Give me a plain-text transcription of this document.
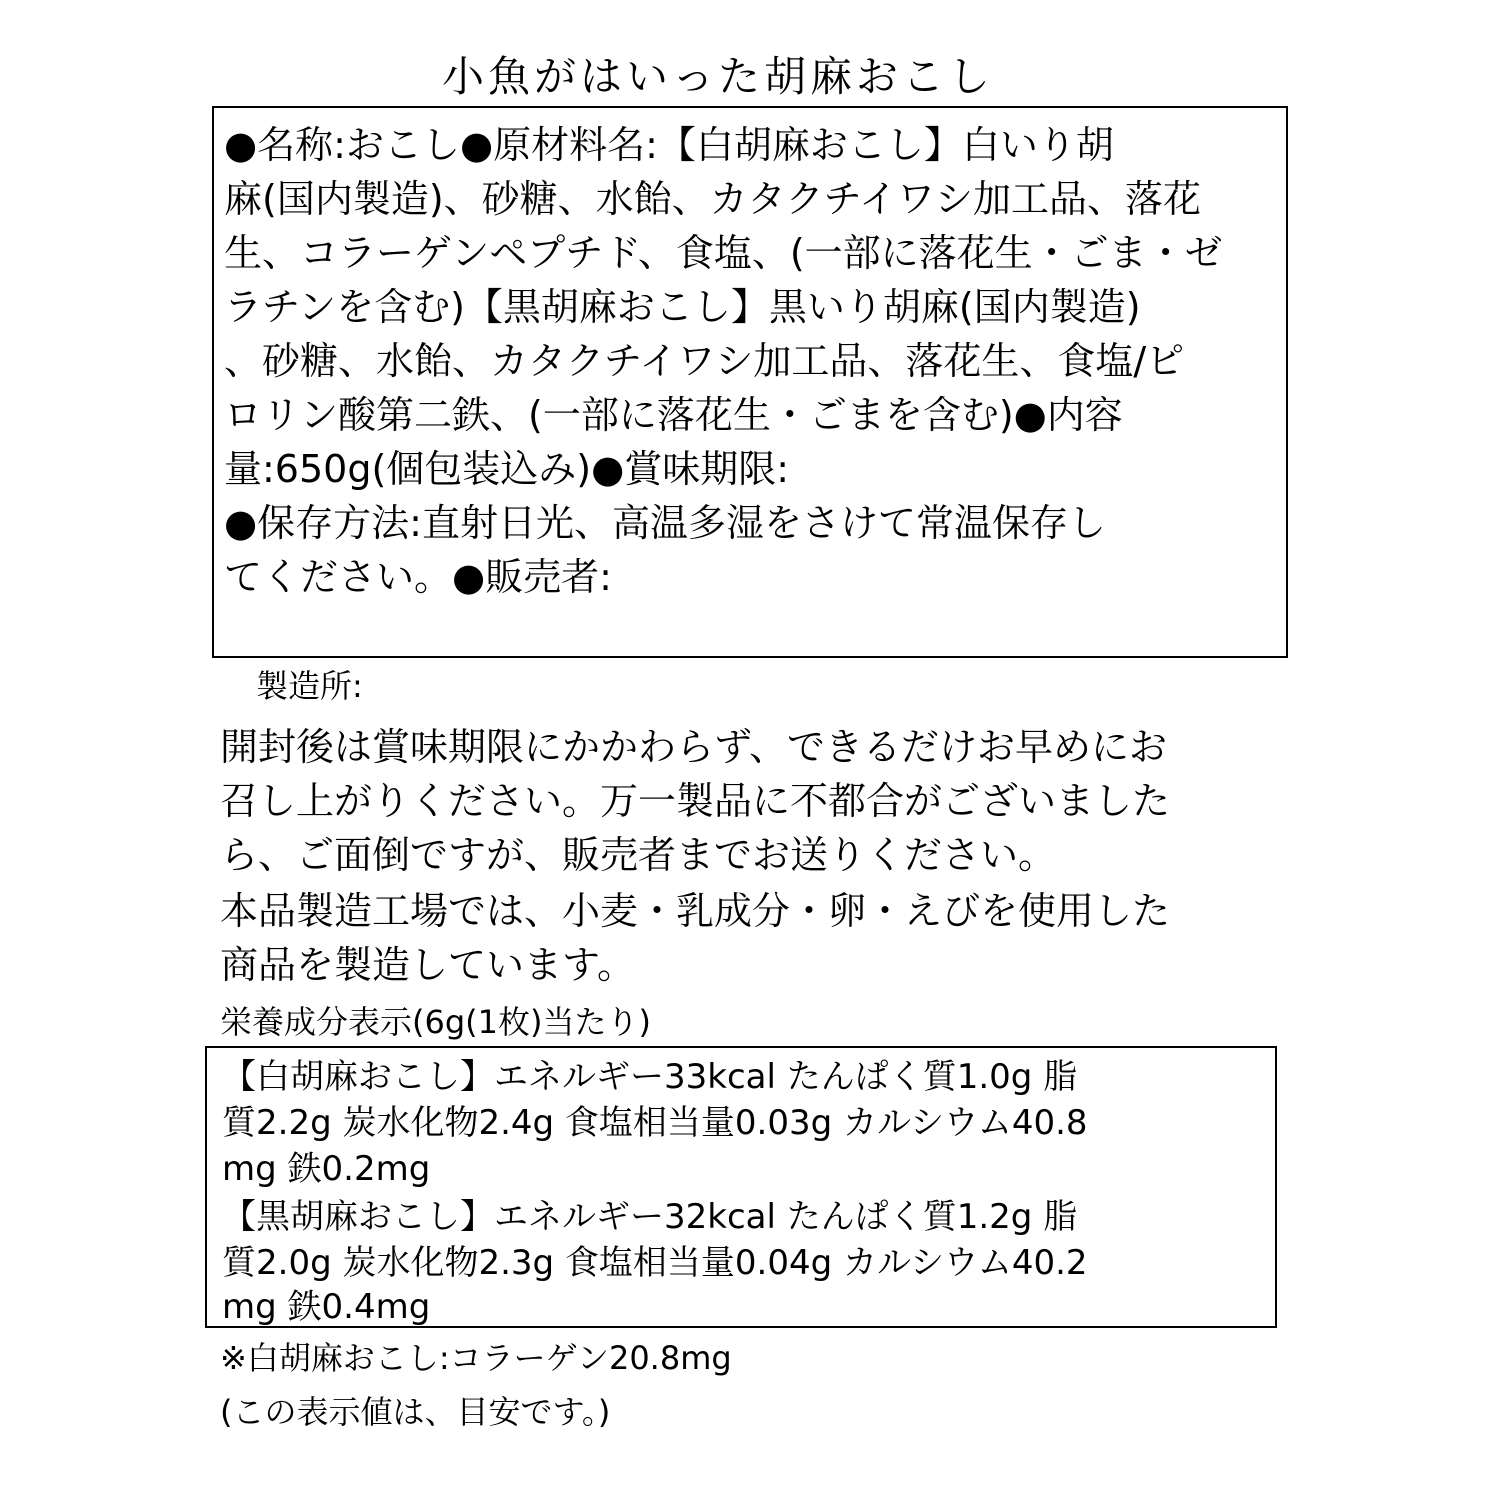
小魚がはいった胡麻おこし
●名称:おこし●原材料名:【白胡麻おこし】白いり胡
麻(国内製造)、砂糖、水飴、カタクチイワシ加工品、落花
生、コラーゲンペプチド、食塩、(一部に落花生・ごま・ゼ
ラチンを含む)【黒胡麻おこし】黒いり胡麻(国内製造)
、砂糖、水飴、カタクチイワシ加工品、落花生、食塩/ピ
ロリン酸第二鉄、(一部に落花生・ごまを含む)●内容
量:650g(個包装込み)●賞味期限:
●保存方法:直射日光、高温多湿をさけて常温保存し
てください。●販売者:
製造所:
開封後は賞味期限にかかわらず、できるだけお早めにお
召し上がりください。万一製品に不都合がございました
ら、ご面倒ですが、販売者までお送りください。
本品製造工場では、小麦・乳成分・卵・えびを使用した
商品を製造しています。
栄養成分表示(6g(1枚)当たり)
【白胡麻おこし】エネルギー33kcal たんぱく質1.0g 脂
質2.2g 炭水化物2.4g 食塩相当量0.03g カルシウム40.8
mg 鉄0.2mg
【黒胡麻おこし】エネルギー32kcal たんぱく質1.2g 脂
質2.0g 炭水化物2.3g 食塩相当量0.04g カルシウム40.2
mg 鉄0.4mg
※白胡麻おこし:コラーゲン20.8mg
(この表示値は、目安です。)
